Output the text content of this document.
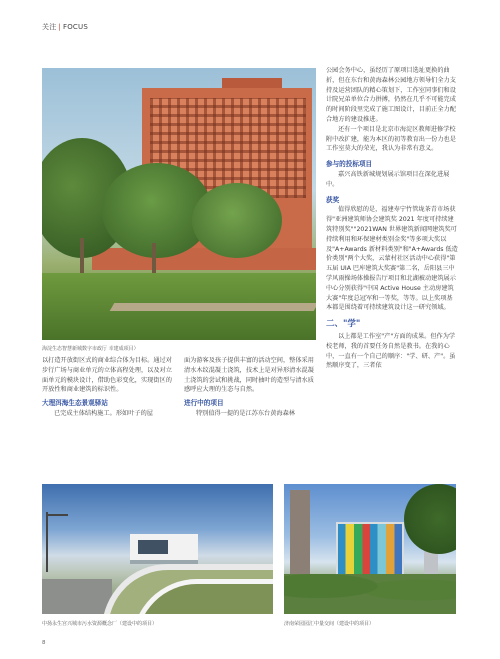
关注 | FOCUS
海淀生态智慧新城数字市政厅 幸建成项目）

以打造开放街区式的商业综合体为目标。通过对步行广场与商业单元的立体高程处理，以及对立面单元的模块设计，借助色彩变化，实现街区的开放性和商业建筑的标识性。

大理洱海生态景观驿站

已完成主体结构施工。形如叶子的屋

面为游客及孩子提供丰富的活动空间，整体采用清水木纹混凝土浇筑，技术上是对异形清水混凝土浇筑的尝试和挑战，同时抽叶的造型与清水质感呼应大理的生态与自然。

进行中的项目

特别值得一提的是江苏东台黄海森林

公园会务中心，虽经历了原项目选址更换的曲折，但在东台和黄海森林公园地方领导们全力支持及运营团队的精心策划下，工作室同事们和设计院兄弟单位合力拼搏，仍然在几乎不可能完成的时间阶段里完成了施工图设计，目前正全力配合地方的建设推进。

还有一个项目是北京市海淀区教师进修学校附中改扩建，能为本区的初等教育出一份力也是工作室莫大的荣光，我认为非常有意义。

参与的投标项目

嘉兴高铁新城规划展示馆项目在深化进展中。

获奖

值得欣慰的是，福建寿宁竹管垅茶青市场获得"亚洲建筑师协会建筑奖 2021 年度可持续建筑特别奖""2021WAN 世界建筑新闻网建筑奖可持续利用和环保建材类别金奖"等多项大奖以及"A+Awards 新材料类别"和"A+Awards 低造价类别"两个大奖，云蒙村社区活动中心获得"第五届 UIA 巴库建筑大奖赛"第二名，岳阳县三中学风雨操场体操报告厅项目和北湖被动建筑展示中心分别获得"中国 Active House 主动房建筑大赛"年度总冠军和一等奖，等等。以上奖项基本都是围绕着可持续建筑设计这一研究领域。

二、"学"

以上都是工作室"产"方面的成果。但作为学校老师，我的首要任务自然是教书。在我的心中，一直有一个自己的顺序："学、研、产"。虽然顺序变了，三者依

中扬永生宫兴城市污水资源概念厂（建设中的项目）	济南荣园园汇中量交间（建设中的项目）
8
